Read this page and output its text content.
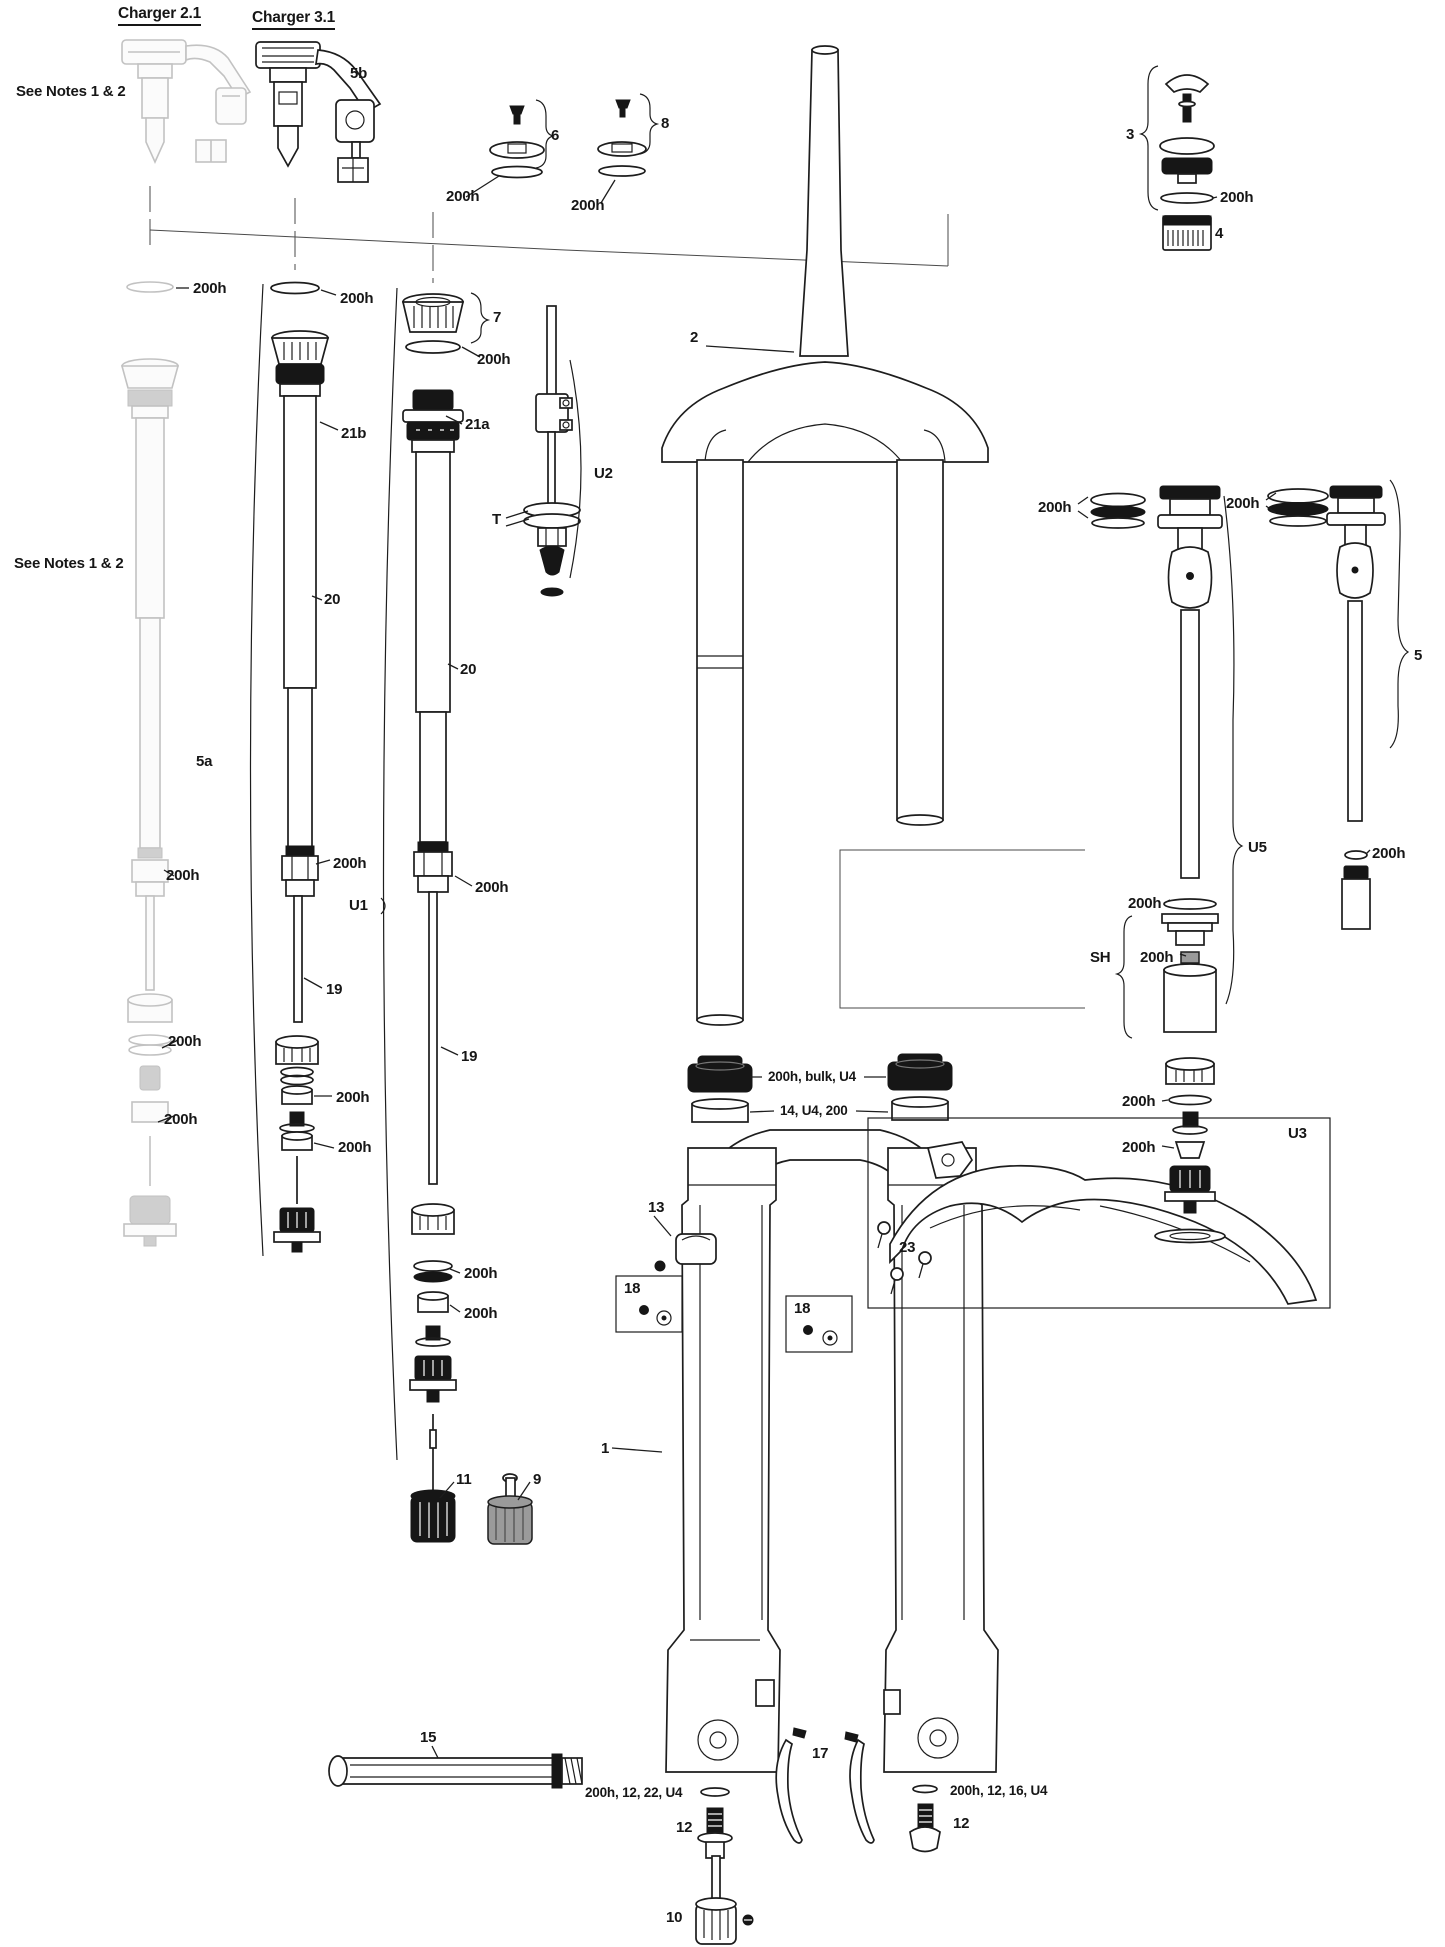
Charger 2.1	Charger 3.1
See Notes 1 & 2
See Notes 1 & 2
5b
200h
6
200h
8
3
200h
4
200h
200h
7
200h
21a
21b
T
U2
2
20
20
5a
U1
200h
200h
200h
19
19
200h
200h
200h
200h
200h
200h
11	9
200h	200h
5
U5	200h
200h
SH 200h
200h
200h
200h, bulk, U4
14, U4, 200
13
18
18
1
U3
23
15
17
200h, 12, 22, U4
12
200h, 12, 16, U4
12
10
